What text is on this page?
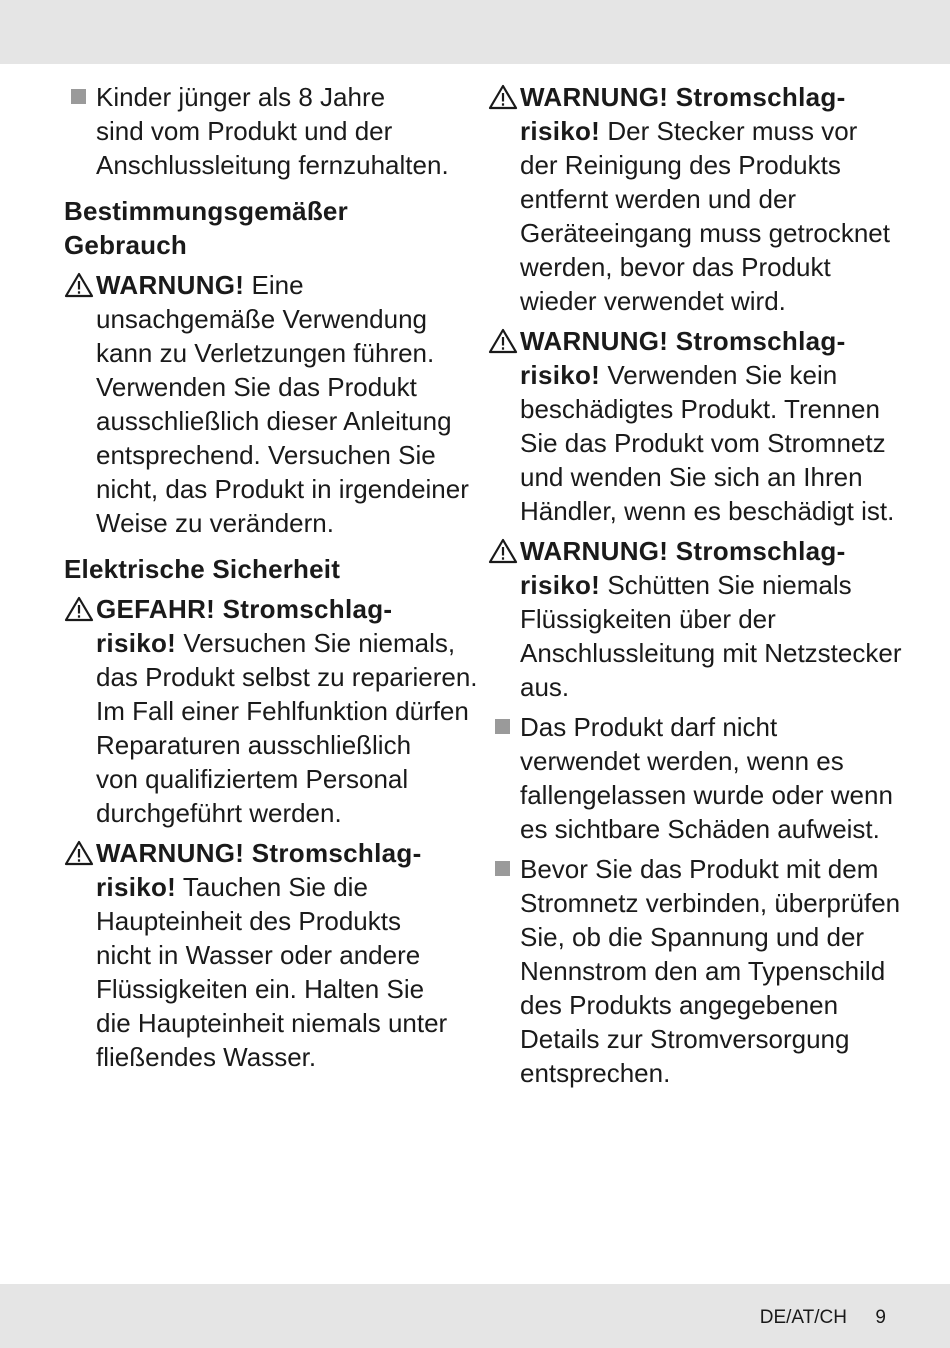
Kinder jünger als 8 Jahre
sind vom Produkt und der
Anschlussleitung fernzuhalten.
Bestimmungsgemäßer
Gebrauch
WARNUNG! Eine
unsachgemäße Verwendung
kann zu Verletzungen führen.
Verwenden Sie das Produkt
ausschließlich dieser Anleitung
entsprechend. Versuchen Sie
nicht, das Produkt in irgendeiner
Weise zu verändern.
Elektrische Sicherheit
GEFAHR! Stromschlag-
risiko! Versuchen Sie niemals,
das Produkt selbst zu reparieren.
Im Fall einer Fehlfunktion dürfen
Reparaturen ausschließlich
von qualifiziertem Personal
durchgeführt werden.
WARNUNG! Stromschlag-
risiko! Tauchen Sie die
Haupteinheit des Produkts
nicht in Wasser oder andere
Flüssigkeiten ein. Halten Sie
die Haupteinheit niemals unter
fließendes Wasser.
WARNUNG! Stromschlag-
risiko! Der Stecker muss vor
der Reinigung des Produkts
entfernt werden und der
Geräteeingang muss getrocknet
werden, bevor das Produkt
wieder verwendet wird.
WARNUNG! Stromschlag-
risiko! Verwenden Sie kein
beschädigtes Produkt. Trennen
Sie das Produkt vom Stromnetz
und wenden Sie sich an Ihren
Händler, wenn es beschädigt ist.
WARNUNG! Stromschlag-
risiko! Schütten Sie niemals
Flüssigkeiten über der
Anschlussleitung mit Netzstecker
aus.
Das Produkt darf nicht
verwendet werden, wenn es
fallengelassen wurde oder wenn
es sichtbare Schäden aufweist.
Bevor Sie das Produkt mit dem
Stromnetz verbinden, überprüfen
Sie, ob die Spannung und der
Nennstrom den am Typenschild
des Produkts angegebenen
Details zur Stromversorgung
entsprechen.
DE/AT/CH 9
